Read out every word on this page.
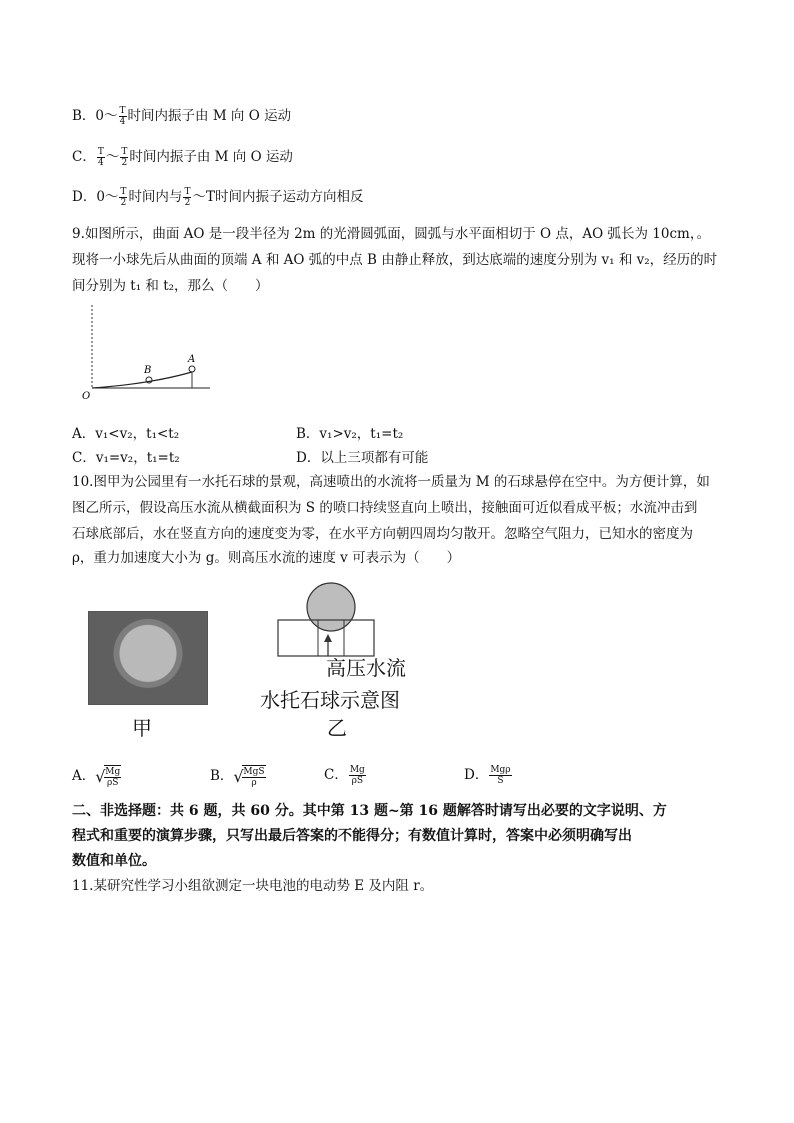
B．0～ $\frac{T}{4}$ 时间内振子由 M 向 O 运动
C． $\frac{T}{4}$ ～ $\frac{T}{2}$ 时间内振子由 M 向 O 运动
D．0～ $\frac{T}{2}$ 时间内与 $\frac{T}{2}$ ～T时间内振子运动方向相反
9.如图所示，曲面 AO 是一段半径为 2m 的光滑圆弧面，圆弧与水平面相切于 O 点，AO 弧长为 10cm，。
现将一小球先后从曲面的顶端 A 和 AO 弧的中点 B 由静止释放，到达底端的速度分别为 v₁ 和 v₂，经历的时
间分别为 t₁ 和 t₂，那么（　　）
B
A
O
A．v₁<v₂，t₁<t₂	B．v₁>v₂，t₁=t₂
C．v₁=v₂，t₁=t₂	D．以上三项都有可能
10.图甲为公园里有一水托石球的景观，高速喷出的水流将一质量为 M 的石球悬停在空中。为方便计算，如
图乙所示，假设高压水流从横截面积为 S 的喷口持续竖直向上喷出，接触面可近似看成平板；水流冲击到
石球底部后，水在竖直方向的速度变为零，在水平方向朝四周均匀散开。忽略空气阻力，已知水的密度为
ρ，重力加速度大小为 g。则高压水流的速度 v 可表示为（　　）
甲
高压水流
水托石球示意图
乙
A． √ $\frac{Mg}{\rho S}$	B． √ $\frac{\text{MgS}}{\rho}$	C． $\frac{Mg}{\rho S}$	D． $\frac{\text{Mgρ}}{S}$
二、非选择题：共 6 题，共 60 分。其中第 13 题~第 16 题解答时请写出必要的文字说明、方
程式和重要的演算步骤，只写出最后答案的不能得分；有数值计算时，答案中必须明确写出
数值和单位。
11.某研究性学习小组欲测定一块电池的电动势 E 及内阻 r。
